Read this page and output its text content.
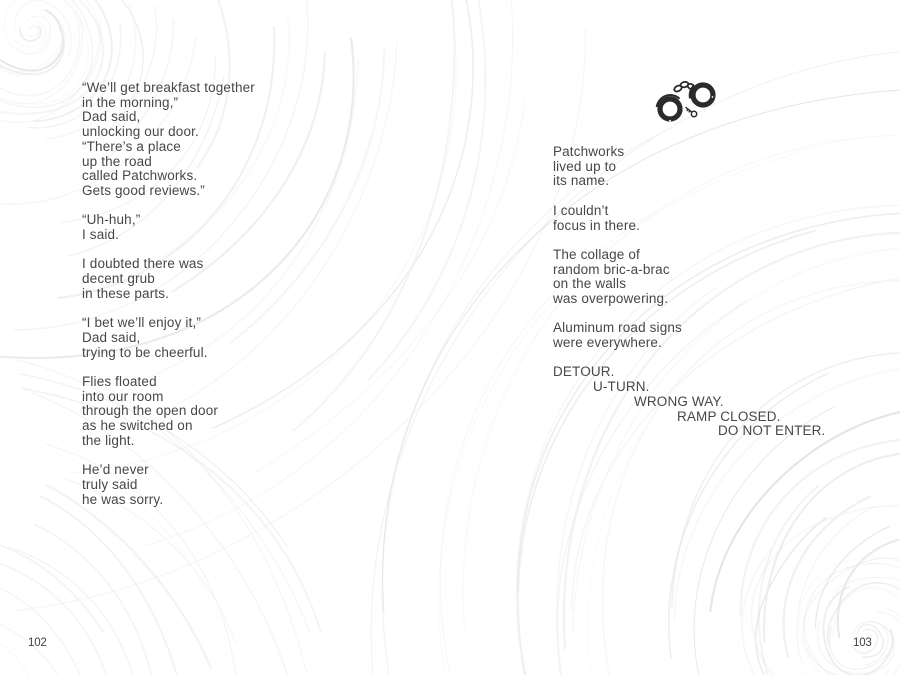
“We’ll get breakfast together
in the morning,”
Dad said,
unlocking our door.
“There’s a place
up the road
called Patchworks.
Gets good reviews.”

“Uh-huh,”
I said.

I doubted there was
decent grub
in these parts.

“I bet we’ll enjoy it,”
Dad said,
trying to be cheerful.

Flies floated
into our room
through the open door
as he switched on
the light.

He’d never
truly said
he was sorry.

102

Patchworks
lived up to
its name.

I couldn’t
focus in there.

The collage of
random bric-a-brac
on the walls
was overpowering.

Aluminum road signs
were everywhere.

DETOUR.
U-TURN.
WRONG WAY.
RAMP CLOSED.
DO NOT ENTER.
103
